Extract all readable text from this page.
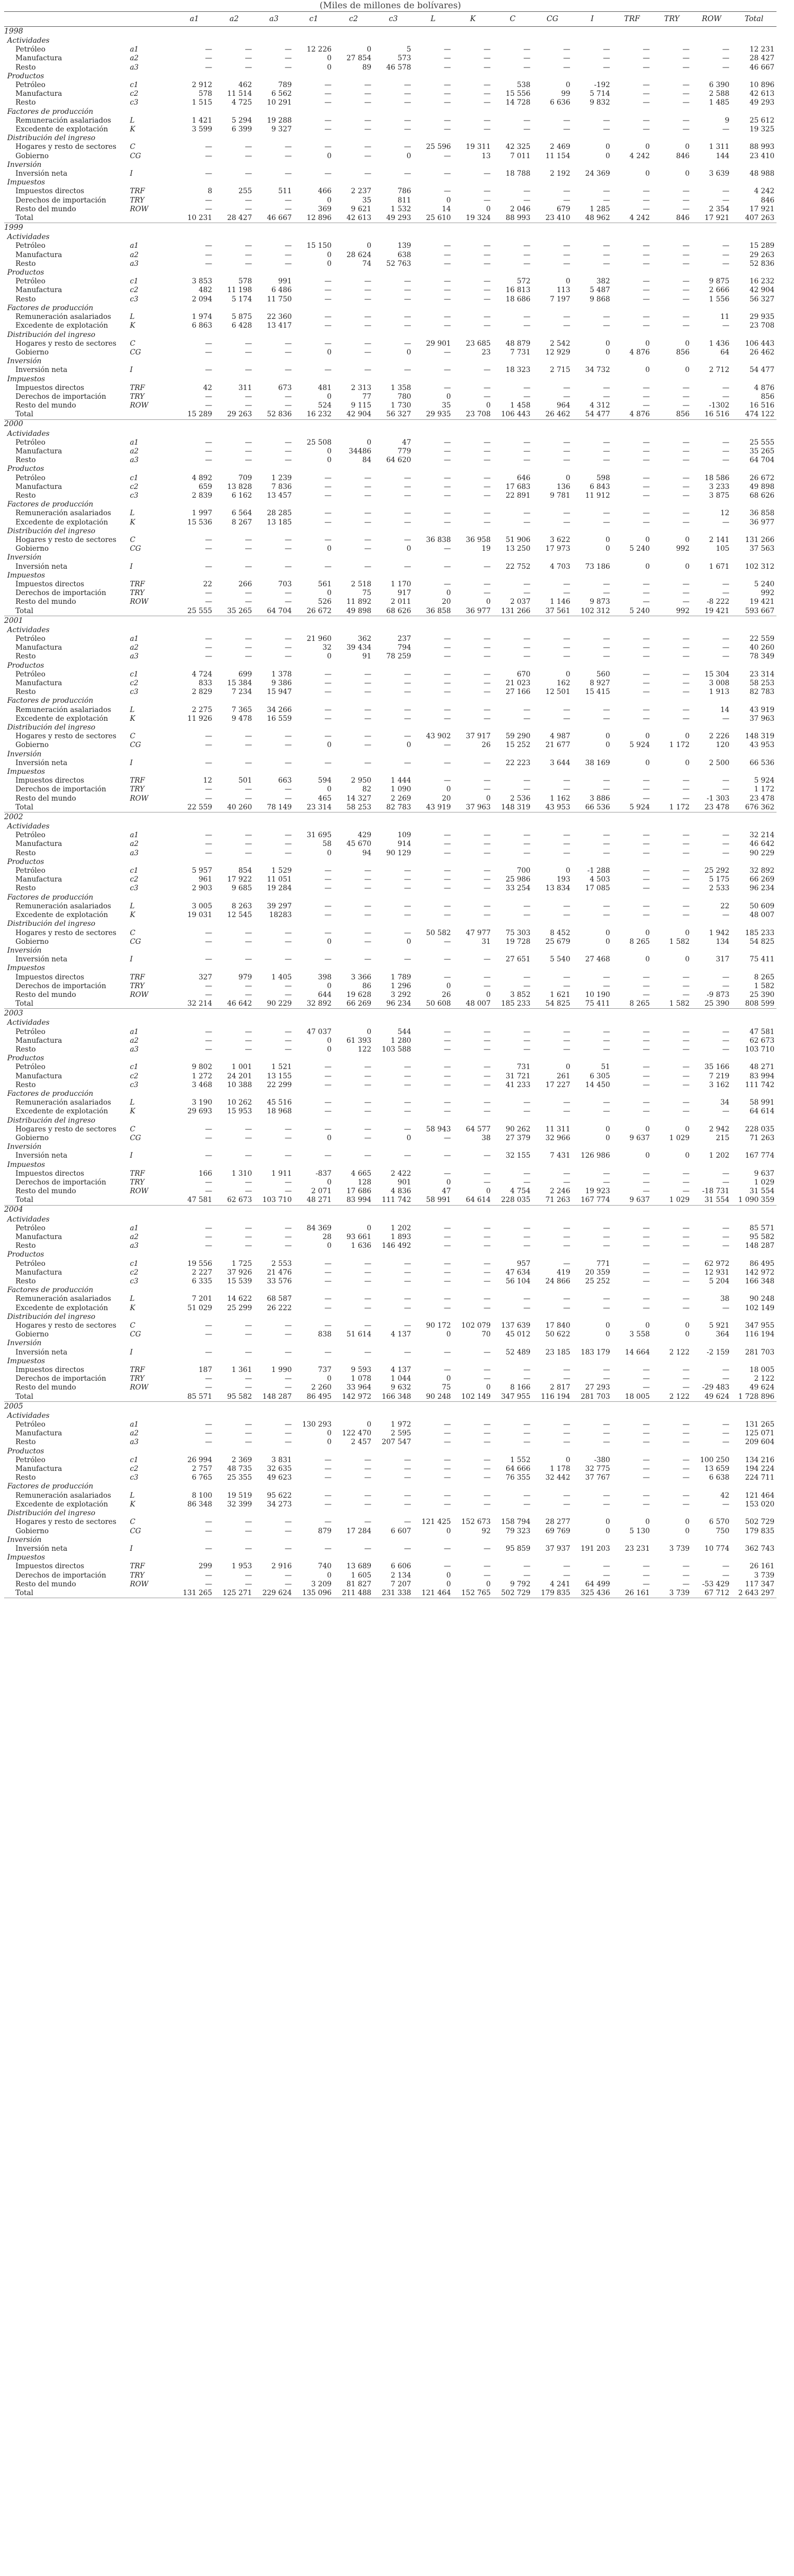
(Miles de millones de bolívares)
		a1	a2	a3	c1	c2	c3	L	K	C	CG	I	TRF	TRY	ROW	Total
1998																
Actividades																
Petróleo	a1	—	—	—	12 226	0	5	—	—	—	—	—	—	—	—	12 231
Manufactura	a2	—	—	—	0	27 854	573	—	—	—	—	—	—	—	—	28 427
Resto	a3	—	—	—	0	89	46 578	—	—	—	—	—	—	—	—	46 667
Productos																
Petróleo	c1	2 912	462	789	—	—	—	—	—	538	0	-192	—	—	6 390	10 896
Manufactura	c2	578	11 514	6 562	—	—	—	—	—	15 556	99	5 714	—	—	2 588	42 613
Resto	c3	1 515	4 725	10 291	—	—	—	—	—	14 728	6 636	9 832	—	—	1 485	49 293
Factores de producción																
Remuneración asalariados	L	1 421	5 294	19 288	—	—	—	—	—	—	—	—	—	—	9	25 612
Excedente de explotación	K	3 599	6 399	9 327	—	—	—	—	—	—	—	—	—	—	—	19 325
Distribución del ingreso																
Hogares y resto de sectores	C	—	—	—	—	—	—	25 596	19 311	42 325	2 469	0	0	0	1 311	88 993
Gobierno	CG	—	—	—	0	—	0	—	13	7 011	11 154	0	4 242	846	144	23 410
Inversión																
Inversión neta	I	—	—	—	—	—	—	—	—	18 788	2 192	24 369	0	0	3 639	48 988
Impuestos																
Impuestos directos	TRF	8	255	511	466	2 237	786	—	—	—	—	—	—	—	—	4 242
Derechos de importación	TRY	—	—	—	0	35	811	0	—	—	—	—	—	—	—	846
Resto del mundo	ROW	—	—	—	369	9 621	1 532	14	0	2 046	679	1 285	—	—	2 354	17 921
Total		10 231	28 427	46 667	12 896	42 613	49 293	25 610	19 324	88 993	23 410	48 962	4 242	846	17 921	407 263
1999																
Actividades																
Petróleo	a1	—	—	—	15 150	0	139	—	—	—	—	—	—	—	—	15 289
Manufactura	a2	—	—	—	0	28 624	638	—	—	—	—	—	—	—	—	29 263
Resto	a3	—	—	—	0	74	52 763	—	—	—	—	—	—	—	—	52 836
Productos																
Petróleo	c1	3 853	578	991	—	—	—	—	—	572	0	382	—	—	9 875	16 232
Manufactura	c2	482	11 198	6 486	—	—	—	—	—	16 813	113	5 487	—	—	2 666	42 904
Resto	c3	2 094	5 174	11 750	—	—	—	—	—	18 686	7 197	9 868	—	—	1 556	56 327
Factores de producción																
Remuneración asalariados	L	1 974	5 875	22 360	—	—	—	—	—	—	—	—	—	—	11	29 935
Excedente de explotación	K	6 863	6 428	13 417	—	—	—	—	—	—	—	—	—	—	—	23 708
Distribución del ingreso																
Hogares y resto de sectores	C	—	—	—	—	—	—	29 901	23 685	48 879	2 542	0	0	0	1 436	106 443
Gobierno	CG	—	—	—	0	—	0	—	23	7 731	12 929	0	4 876	856	64	26 462
Inversión																
Inversión neta	I	—	—	—	—	—	—	—	—	18 323	2 715	34 732	0	0	2 712	54 477
Impuestos																
Impuestos directos	TRF	42	311	673	481	2 313	1 358	—	—	—	—	—	—	—	—	4 876
Derechos de importación	TRY	—	—	—	0	77	780	0	—	—	—	—	—	—	—	856
Resto del mundo	ROW	—	—	—	524	9 115	1 730	35	0	1 458	964	4 312	—	—	-1302	16 516
Total		15 289	29 263	52 836	16 232	42 904	56 327	29 935	23 708	106 443	26 462	54 477	4 876	856	16 516	474 122
2000																
Actividades																
Petróleo	a1	—	—	—	25 508	0	47	—	—	—	—	—	—	—	—	25 555
Manufactura	a2	—	—	—	0	34486	779	—	—	—	—	—	—	—	—	35 265
Resto	a3	—	—	—	0	84	64 620	—	—	—	—	—	—	—	—	64 704
Productos																
Petróleo	c1	4 892	709	1 239	—	—	—	—	—	646	0	598	—	—	18 586	26 672
Manufactura	c2	659	13 828	7 836	—	—	—	—	—	17 683	136	6 843	—	—	3 233	49 898
Resto	c3	2 839	6 162	13 457	—	—	—	—	—	22 891	9 781	11 912	—	—	3 875	68 626
Factores de producción																
Remuneración asalariados	L	1 997	6 564	28 285	—	—	—	—	—	—	—	—	—	—	12	36 858
Excedente de explotación	K	15 536	8 267	13 185	—	—	—	—	—	—	—	—	—	—	—	36 977
Distribución del ingreso																
Hogares y resto de sectores	C	—	—	—	—	—	—	36 838	36 958	51 906	3 622	0	0	0	2 141	131 266
Gobierno	CG	—	—	—	0	—	0	—	19	13 250	17 973	0	5 240	992	105	37 563
Inversión																
Inversión neta	I	—	—	—	—	—	—	—	—	22 752	4 703	73 186	0	0	1 671	102 312
Impuestos																
Impuestos directos	TRF	22	266	703	561	2 518	1 170	—	—	—	—	—	—	—	—	5 240
Derechos de importación	TRY	—	—	—	0	75	917	0	—	—	—	—	—	—	—	992
Resto del mundo	ROW	—	—	—	526	11 892	2 011	20	0	2 037	1 146	9 873	—	—	-8 222	19 421
Total		25 555	35 265	64 704	26 672	49 898	68 626	36 858	36 977	131 266	37 561	102 312	5 240	992	19 421	593 667
2001																
Actividades																
Petróleo	a1	—	—	—	21 960	362	237	—	—	—	—	—	—	—	—	22 559
Manufactura	a2	—	—	—	32	39 434	794	—	—	—	—	—	—	—	—	40 260
Resto	a3	—	—	—	0	91	78 259	—	—	—	—	—	—	—	—	78 349
Productos																
Petróleo	c1	4 724	699	1 378	—	—	—	—	—	670	0	560	—	—	15 304	23 314
Manufactura	c2	833	15 384	9 386	—	—	—	—	—	21 023	162	8 927	—	—	3 008	58 253
Resto	c3	2 829	7 234	15 947	—	—	—	—	—	27 166	12 501	15 415	—	—	1 913	82 783
Factores de producción																
Remuneración asalariados	L	2 275	7 365	34 266	—	—	—	—	—	—	—	—	—	—	14	43 919
Excedente de explotación	K	11 926	9 478	16 559	—	—	—	—	—	—	—	—	—	—	—	37 963
Distribución del ingreso																
Hogares y resto de sectores	C	—	—	—	—	—	—	43 902	37 917	59 290	4 987	0	0	0	2 226	148 319
Gobierno	CG	—	—	—	0	—	0	—	26	15 252	21 677	0	5 924	1 172	120	43 953
Inversión																
Inversión neta	I	—	—	—	—	—	—	—	—	22 223	3 644	38 169	0	0	2 500	66 536
Impuestos																
Impuestos directos	TRF	12	501	663	594	2 950	1 444	—	—	—	—	—	—	—	—	5 924
Derechos de importación	TRY	—	—	—	0	82	1 090	0	—	—	—	—	—	—	—	1 172
Resto del mundo	ROW	—	—	—	465	14 327	2 269	20	0	2 536	1 162	3 886	—	—	-1 303	23 478
Total		22 559	40 260	78 149	23 314	58 253	82 783	43 919	37 963	148 319	43 953	66 536	5 924	1 172	23 478	676 362
2002																
Actividades																
Petróleo	a1	—	—	—	31 695	429	109	—	—	—	—	—	—	—	—	32 214
Manufactura	a2	—	—	—	58	45 670	914	—	—	—	—	—	—	—	—	46 642
Resto	a3	—	—	—	0	94	90 129	—	—	—	—	—	—	—	—	90 229
Productos																
Petróleo	c1	5 957	854	1 529	—	—	—	—	—	700	0	-1 288	—	—	25 292	32 892
Manufactura	c2	961	17 922	11 051	—	—	—	—	—	25 986	193	4 503	—	—	5 175	66 269
Resto	c3	2 903	9 685	19 284	—	—	—	—	—	33 254	13 834	17 085	—	—	2 533	96 234
Factores de producción																
Remuneración asalariados	L	3 005	8 263	39 297	—	—	—	—	—	—	—	—	—	—	22	50 609
Excedente de explotación	K	19 031	12 545	18283	—	—	—	—	—	—	—	—	—	—	—	48 007
Distribución del ingreso																
Hogares y resto de sectores	C	—	—	—	—	—	—	50 582	47 977	75 303	8 452	0	0	0	1 942	185 233
Gobierno	CG	—	—	—	0	—	0	—	31	19 728	25 679	0	8 265	1 582	134	54 825
Inversión																
Inversión neta	I	—	—	—	—	—	—	—	—	27 651	5 540	27 468	0	0	317	75 411
Impuestos																
Impuestos directos	TRF	327	979	1 405	398	3 366	1 789	—	—	—	—	—	—	—	—	8 265
Derechos de importación	TRY	—	—	—	0	86	1 296	0	—	—	—	—	—	—	—	1 582
Resto del mundo	ROW	—	—	—	644	19 628	3 292	26	0	3 852	1 621	10 190	—	—	-9 873	25 390
Total		32 214	46 642	90 229	32 892	66 269	96 234	50 608	48 007	185 233	54 825	75 411	8 265	1 582	25 390	808 599
2003																
Actividades																
Petróleo	a1	—	—	—	47 037	0	544	—	—	—	—	—	—	—	—	47 581
Manufactura	a2	—	—	—	0	61 393	1 280	—	—	—	—	—	—	—	—	62 673
Resto	a3	—	—	—	0	122	103 588	—	—	—	—	—	—	—	—	103 710
Productos																
Petróleo	c1	9 802	1 001	1 521	—	—	—	—	—	731	0	51	—	—	35 166	48 271
Manufactura	c2	1 272	24 201	13 155	—	—	—	—	—	31 721	261	6 305	—	—	7 219	83 994
Resto	c3	3 468	10 388	22 299	—	—	—	—	—	41 233	17 227	14 450	—	—	3 162	111 742
Factores de producción																
Remuneración asalariados	L	3 190	10 262	45 516	—	—	—	—	—	—	—	—	—	—	34	58 991
Excedente de explotación	K	29 693	15 953	18 968	—	—	—	—	—	—	—	—	—	—	—	64 614
Distribución del ingreso																
Hogares y resto de sectores	C	—	—	—	—	—	—	58 943	64 577	90 262	11 311	0	0	0	2 942	228 035
Gobierno	CG	—	—	—	0	—	0	—	38	27 379	32 966	0	9 637	1 029	215	71 263
Inversión																
Inversión neta	I	—	—	—	—	—	—	—	—	32 155	7 431	126 986	0	0	1 202	167 774
Impuestos																
Impuestos directos	TRF	166	1 310	1 911	-837	4 665	2 422	—	—	—	—	—	—	—	—	9 637
Derechos de importación	TRY	—	—	—	0	128	901	0	—	—	—	—	—	—	—	1 029
Resto del mundo	ROW	—	—	—	2 071	17 686	4 836	47	0	4 754	2 246	19 923	—	—	-18 731	31 554
Total		47 581	62 673	103 710	48 271	83 994	111 742	58 991	64 614	228 035	71 263	167 774	9 637	1 029	31 554	1 090 359
2004																
Actividades																
Petróleo	a1	—	—	—	84 369	0	1 202	—	—	—	—	—	—	—	—	85 571
Manufactura	a2	—	—	—	28	93 661	1 893	—	—	—	—	—	—	—	—	95 582
Resto	a3	—	—	—	0	1 636	146 492	—	—	—	—	—	—	—	—	148 287
Productos																
Petróleo	c1	19 556	1 725	2 553	—	—	—	—	—	957	—	771	—	—	62 972	86 495
Manufactura	c2	2 227	37 926	21 476	—	—	—	—	—	47 634	419	20 359	—	—	12 931	142 972
Resto	c3	6 335	15 539	33 576	—	—	—	—	—	56 104	24 866	25 252	—	—	5 204	166 348
Factores de producción																
Remuneración asalariados	L	7 201	14 622	68 587	—	—	—	—	—	—	—	—	—	—	38	90 248
Excedente de explotación	K	51 029	25 299	26 222	—	—	—	—	—	—	—	—	—	—	—	102 149
Distribución del ingreso																
Hogares y resto de sectores	C	—	—	—	—	—	—	90 172	102 079	137 639	17 840	0	0	0	5 921	347 955
Gobierno	CG	—	—	—	838	51 614	4 137	0	70	45 012	50 622	0	3 558	0	364	116 194
Inversión																
Inversión neta	I	—	—	—	—	—	—	—	—	52 489	23 185	183 179	14 664	2 122	-2 159	281 703
Impuestos																
Impuestos directos	TRF	187	1 361	1 990	737	9 593	4 137	—	—	—	—	—	—	—	—	18 005
Derechos de importación	TRY	—	—	—	0	1 078	1 044	0	—	—	—	—	—	—	—	2 122
Resto del mundo	ROW	—	—	—	2 260	33 964	9 632	75	0	8 166	2 817	27 293	—	—	-29 483	49 624
Total		85 571	95 582	148 287	86 495	142 972	166 348	90 248	102 149	347 955	116 194	281 703	18 005	2 122	49 624	1 728 896
2005																
Actividades																
Petróleo	a1	—	—	—	130 293	0	1 972	—	—	—	—	—	—	—	—	131 265
Manufactura	a2	—	—	—	0	122 470	2 595	—	—	—	—	—	—	—	—	125 071
Resto	a3	—	—	—	0	2 457	207 547	—	—	—	—	—	—	—	—	209 604
Productos																
Petróleo	c1	26 994	2 369	3 831	—	—	—	—	—	1 552	0	-380	—	—	100 250	134 216
Manufactura	c2	2 757	48 735	32 635	—	—	—	—	—	64 666	1 178	32 775	—	—	13 659	194 224
Resto	c3	6 765	25 355	49 623	—	—	—	—	—	76 355	32 442	37 767	—	—	6 638	224 711
Factores de producción																
Remuneración asalariados	L	8 100	19 519	95 622	—	—	—	—	—	—	—	—	—	—	42	121 464
Excedente de explotación	K	86 348	32 399	34 273	—	—	—	—	—	—	—	—	—	—	—	153 020
Distribución del ingreso																
Hogares y resto de sectores	C	—	—	—	—	—	—	121 425	152 673	158 794	28 277	0	0	0	6 570	502 729
Gobierno	CG	—	—	—	879	17 284	6 607	0	92	79 323	69 769	0	5 130	0	750	179 835
Inversión																
Inversión neta	I	—	—	—	—	—	—	—	—	95 859	37 937	191 203	23 231	3 739	10 774	362 743
Impuestos																
Impuestos directos	TRF	299	1 953	2 916	740	13 689	6 606	—	—	—	—	—	—	—	—	26 161
Derechos de importación	TRY	—	—	—	0	1 605	2 134	0	—	—	—	—	—	—	—	3 739
Resto del mundo	ROW	—	—	—	3 209	81 827	7 207	0	0	9 792	4 241	64 499	—	—	-53 429	117 347
Total		131 265	125 271	229 624	135 096	211 488	231 338	121 464	152 765	502 729	179 835	325 436	26 161	3 739	67 712	2 643 297
